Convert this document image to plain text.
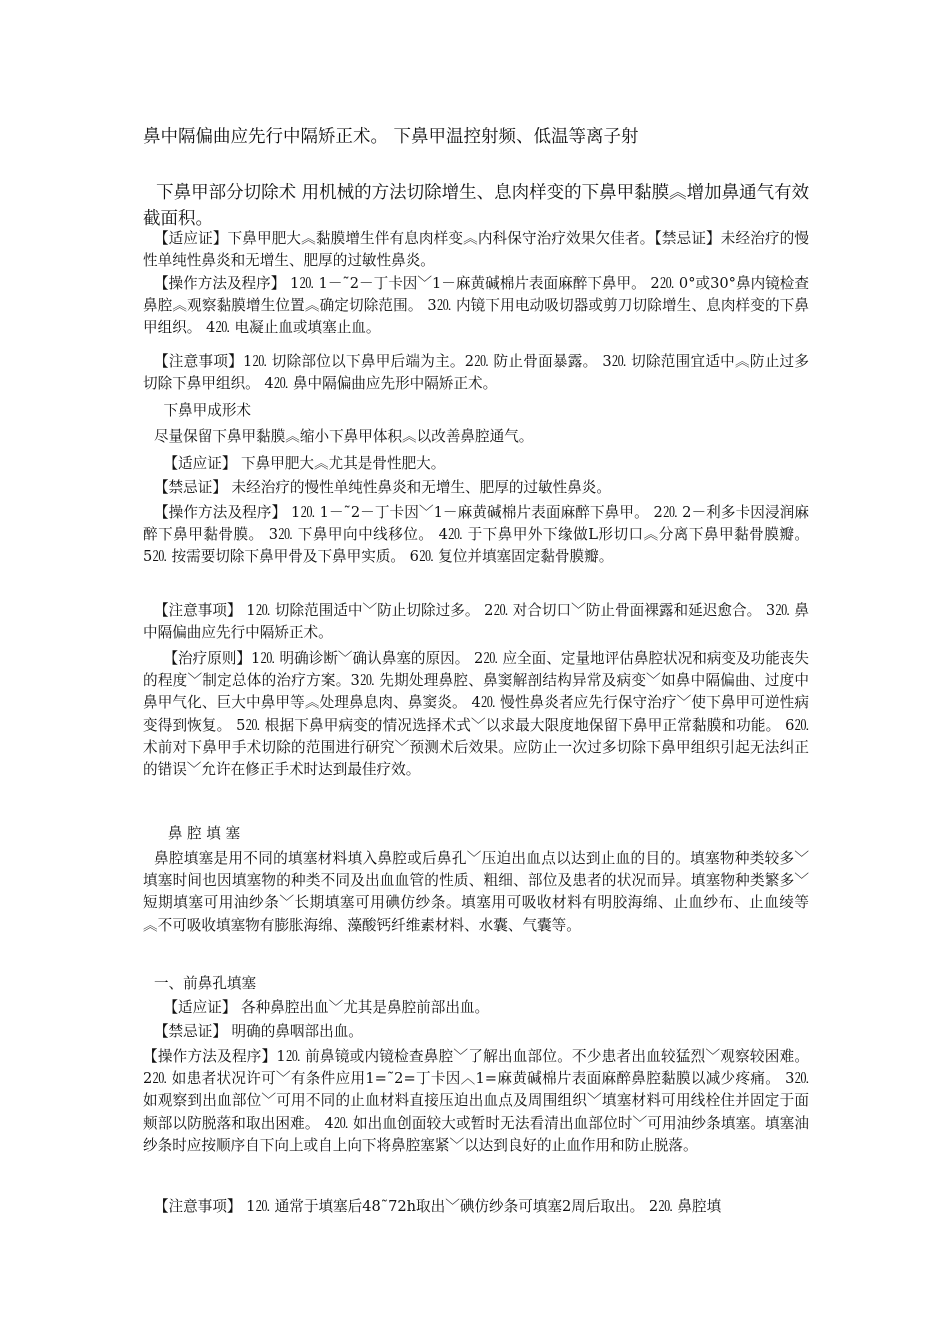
鼻中隔偏曲应先行中隔矫正术。 下鼻甲温控射频、低温等离子射
下鼻甲部分切除术 用机械的方法切除增生、息肉样变的下鼻甲黏膜︽增加鼻通气有效截面积。
【适应证】下鼻甲肥大︽黏膜增生伴有息肉样变︽内科保守治疗效果欠佳者。【禁忌证】未经治疗的慢性单纯性鼻炎和无增生、肥厚的过敏性鼻炎。
【操作方法及程序】 1⒛ 1－˜2－丁卡因﹀1－麻黄碱棉片表面麻醉下鼻甲。 2⒛ 0°或30°鼻内镜检查鼻腔︽观察黏膜增生位置︽确定切除范围。 3⒛ 内镜下用电动吸切器或剪刀切除增生、息肉样变的下鼻甲组织。 4⒛ 电凝止血或填塞止血。
【注意事项】1⒛ 切除部位以下鼻甲后端为主。2⒛ 防止骨面暴露。 3⒛ 切除范围宜适中︽防止过多切除下鼻甲组织。 4⒛ 鼻中隔偏曲应先形中隔矫正术。
下鼻甲成形术
尽量保留下鼻甲黏膜︽缩小下鼻甲体积︽以改善鼻腔通气。
【适应证】 下鼻甲肥大︽尤其是骨性肥大。
【禁忌证】 未经治疗的慢性单纯性鼻炎和无增生、肥厚的过敏性鼻炎。
【操作方法及程序】 1⒛ 1－˜2－丁卡因﹀1－麻黄碱棉片表面麻醉下鼻甲。 2⒛ 2－利多卡因浸润麻醉下鼻甲黏骨膜。 3⒛ 下鼻甲向中线移位。 4⒛ 于下鼻甲外下缘做L形切口︽分离下鼻甲黏骨膜瓣。5⒛ 按需要切除下鼻甲骨及下鼻甲实质。 6⒛ 复位并填塞固定黏骨膜瓣。
【注意事项】 1⒛ 切除范围适中﹀防止切除过多。 2⒛ 对合切口﹀防止骨面裸露和延迟愈合。 3⒛ 鼻中隔偏曲应先行中隔矫正术。
【治疗原则】1⒛ 明确诊断﹀确认鼻塞的原因。 2⒛ 应全面、定量地评估鼻腔状况和病变及功能丧失的程度﹀制定总体的治疗方案。3⒛ 先期处理鼻腔、鼻窦解剖结构异常及病变﹀如鼻中隔偏曲、过度中鼻甲气化、巨大中鼻甲等︽处理鼻息肉、鼻窦炎。 4⒛ 慢性鼻炎者应先行保守治疗﹀使下鼻甲可逆性病变得到恢复。 5⒛ 根据下鼻甲病变的情况选择术式﹀以求最大限度地保留下鼻甲正常黏膜和功能。 6⒛ 术前对下鼻甲手术切除的范围进行研究﹀预测术后效果。应防止一次过多切除下鼻甲组织引起无法纠正的错误﹀允许在修正手术时达到最佳疗效。
鼻 腔 填 塞
鼻腔填塞是用不同的填塞材料填入鼻腔或后鼻孔﹀压迫出血点以达到止血的目的。填塞物种类较多﹀填塞时间也因填塞物的种类不同及出血血管的性质、粗细、部位及患者的状况而异。填塞物种类繁多﹀短期填塞可用油纱条﹀长期填塞可用碘仿纱条。填塞用可吸收材料有明胶海绵、止血纱布、止血绫等︽不可吸收填塞物有膨胀海绵、藻酸钙纤维素材料、水囊、气囊等。
一、前鼻孔填塞
【适应证】 各种鼻腔出血﹀尤其是鼻腔前部出血。
【禁忌证】 明确的鼻咽部出血。
【操作方法及程序】1⒛ 前鼻镜或内镜检查鼻腔﹀了解出血部位。不少患者出血较猛烈﹀观察较困难。 2⒛ 如患者状况许可﹀有条件应用1=˜2=丁卡因︿1=麻黄碱棉片表面麻醉鼻腔黏膜以减少疼痛。 3⒛ 如观察到出血部位﹀可用不同的止血材料直接压迫出血点及周围组织﹀填塞材料可用线栓住并固定于面颊部以防脱落和取出困难。 4⒛ 如出血创面较大或暂时无法看清出血部位时﹀可用油纱条填塞。填塞油纱条时应按顺序自下向上或自上向下将鼻腔塞紧﹀以达到良好的止血作用和防止脱落。
【注意事项】 1⒛ 通常于填塞后48˜72h取出﹀碘仿纱条可填塞2周后取出。 2⒛ 鼻腔填
